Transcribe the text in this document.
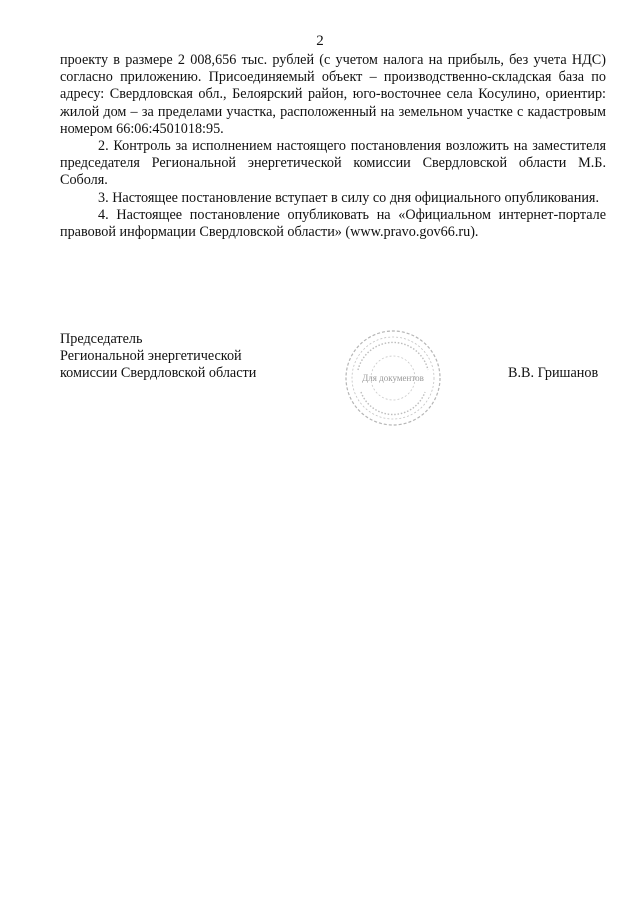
2

проекту в размере 2 008,656 тыс. рублей (с учетом налога на прибыль, без учета НДС) согласно приложению. Присоединяемый объект – производственно-складская база по адресу: Свердловская обл., Белоярский район, юго-восточнее села Косулино, ориентир: жилой дом – за пределами участка, расположенный на земельном участке с кадастровым номером 66:06:4501018:95.

2. Контроль за исполнением настоящего постановления возложить на заместителя председателя Региональной энергетической комиссии Свердловской области М.Б. Соболя.

3. Настоящее постановление вступает в силу со дня официального опубликования.

4. Настоящее постановление опубликовать на «Официальном интернет-портале правовой информации Свердловской области» (www.pravo.gov66.ru).

Председатель
Региональной энергетической
комиссии Свердловской области	Для документов	В.В. Гришанов
